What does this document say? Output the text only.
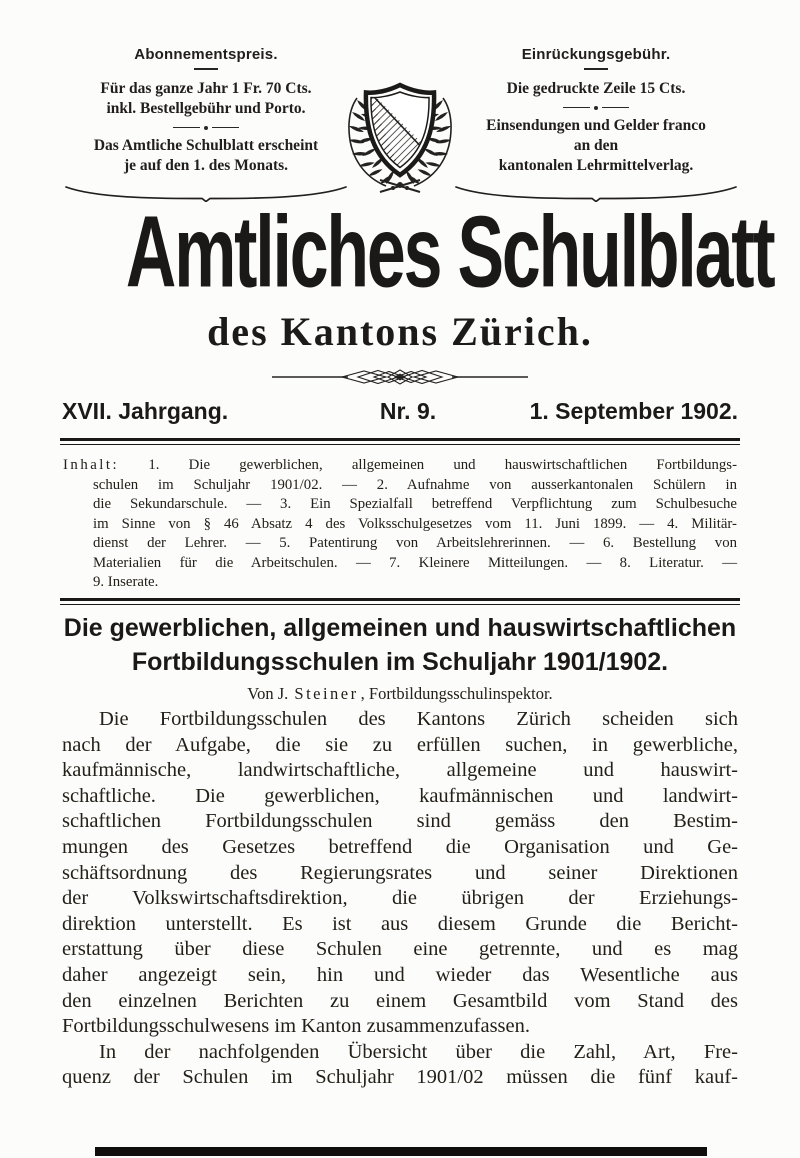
Abonnementspreis.
Für das ganze Jahr 1 Fr. 70 Cts.
inkl. Bestellgebühr und Porto.
Das Amtliche Schulblatt erscheint
je auf den 1. des Monats.
Einrückungsgebühr.
Die gedruckte Zeile 15 Cts.
Einsendungen und Gelder franco
an den
kantonalen Lehrmittelverlag.
Amtliches Schulblatt
des Kantons Zürich.
XVII. Jahrgang.	Nr. 9.	1. September 1902.
Inhalt: 1. Die gewerblichen, allgemeinen und hauswirtschaftlichen Fortbildungs-
schulen im Schuljahr 1901/02. — 2. Aufnahme von ausserkantonalen Schülern in
die Sekundarschule. — 3. Ein Spezialfall betreffend Verpflichtung zum Schulbesuche
im Sinne von § 46 Absatz 4 des Volksschulgesetzes vom 11. Juni 1899. — 4. Militär-
dienst der Lehrer. — 5. Patentirung von Arbeitslehrerinnen. — 6. Bestellung von
Materialien für die Arbeitschulen. — 7. Kleinere Mitteilungen. — 8. Literatur. —
9. Inserate.
Die gewerblichen, allgemeinen und hauswirtschaftlichen
Fortbildungsschulen im Schuljahr 1901/1902.
Von J. Steiner , Fortbildungsschulinspektor.
Die Fortbildungsschulen des Kantons Zürich scheiden sich
nach der Aufgabe, die sie zu erfüllen suchen, in gewerbliche,
kaufmännische, landwirtschaftliche, allgemeine und hauswirt-
schaftliche. Die gewerblichen, kaufmännischen und landwirt-
schaftlichen Fortbildungsschulen sind gemäss den Bestim-
mungen des Gesetzes betreffend die Organisation und Ge-
schäftsordnung des Regierungsrates und seiner Direktionen
der Volkswirtschaftsdirektion, die übrigen der Erziehungs-
direktion unterstellt. Es ist aus diesem Grunde die Bericht-
erstattung über diese Schulen eine getrennte, und es mag
daher angezeigt sein, hin und wieder das Wesentliche aus
den einzelnen Berichten zu einem Gesamtbild vom Stand des
Fortbildungsschulwesens im Kanton zusammenzufassen.
In der nachfolgenden Übersicht über die Zahl, Art, Fre-
quenz der Schulen im Schuljahr 1901/02 müssen die fünf kauf-
